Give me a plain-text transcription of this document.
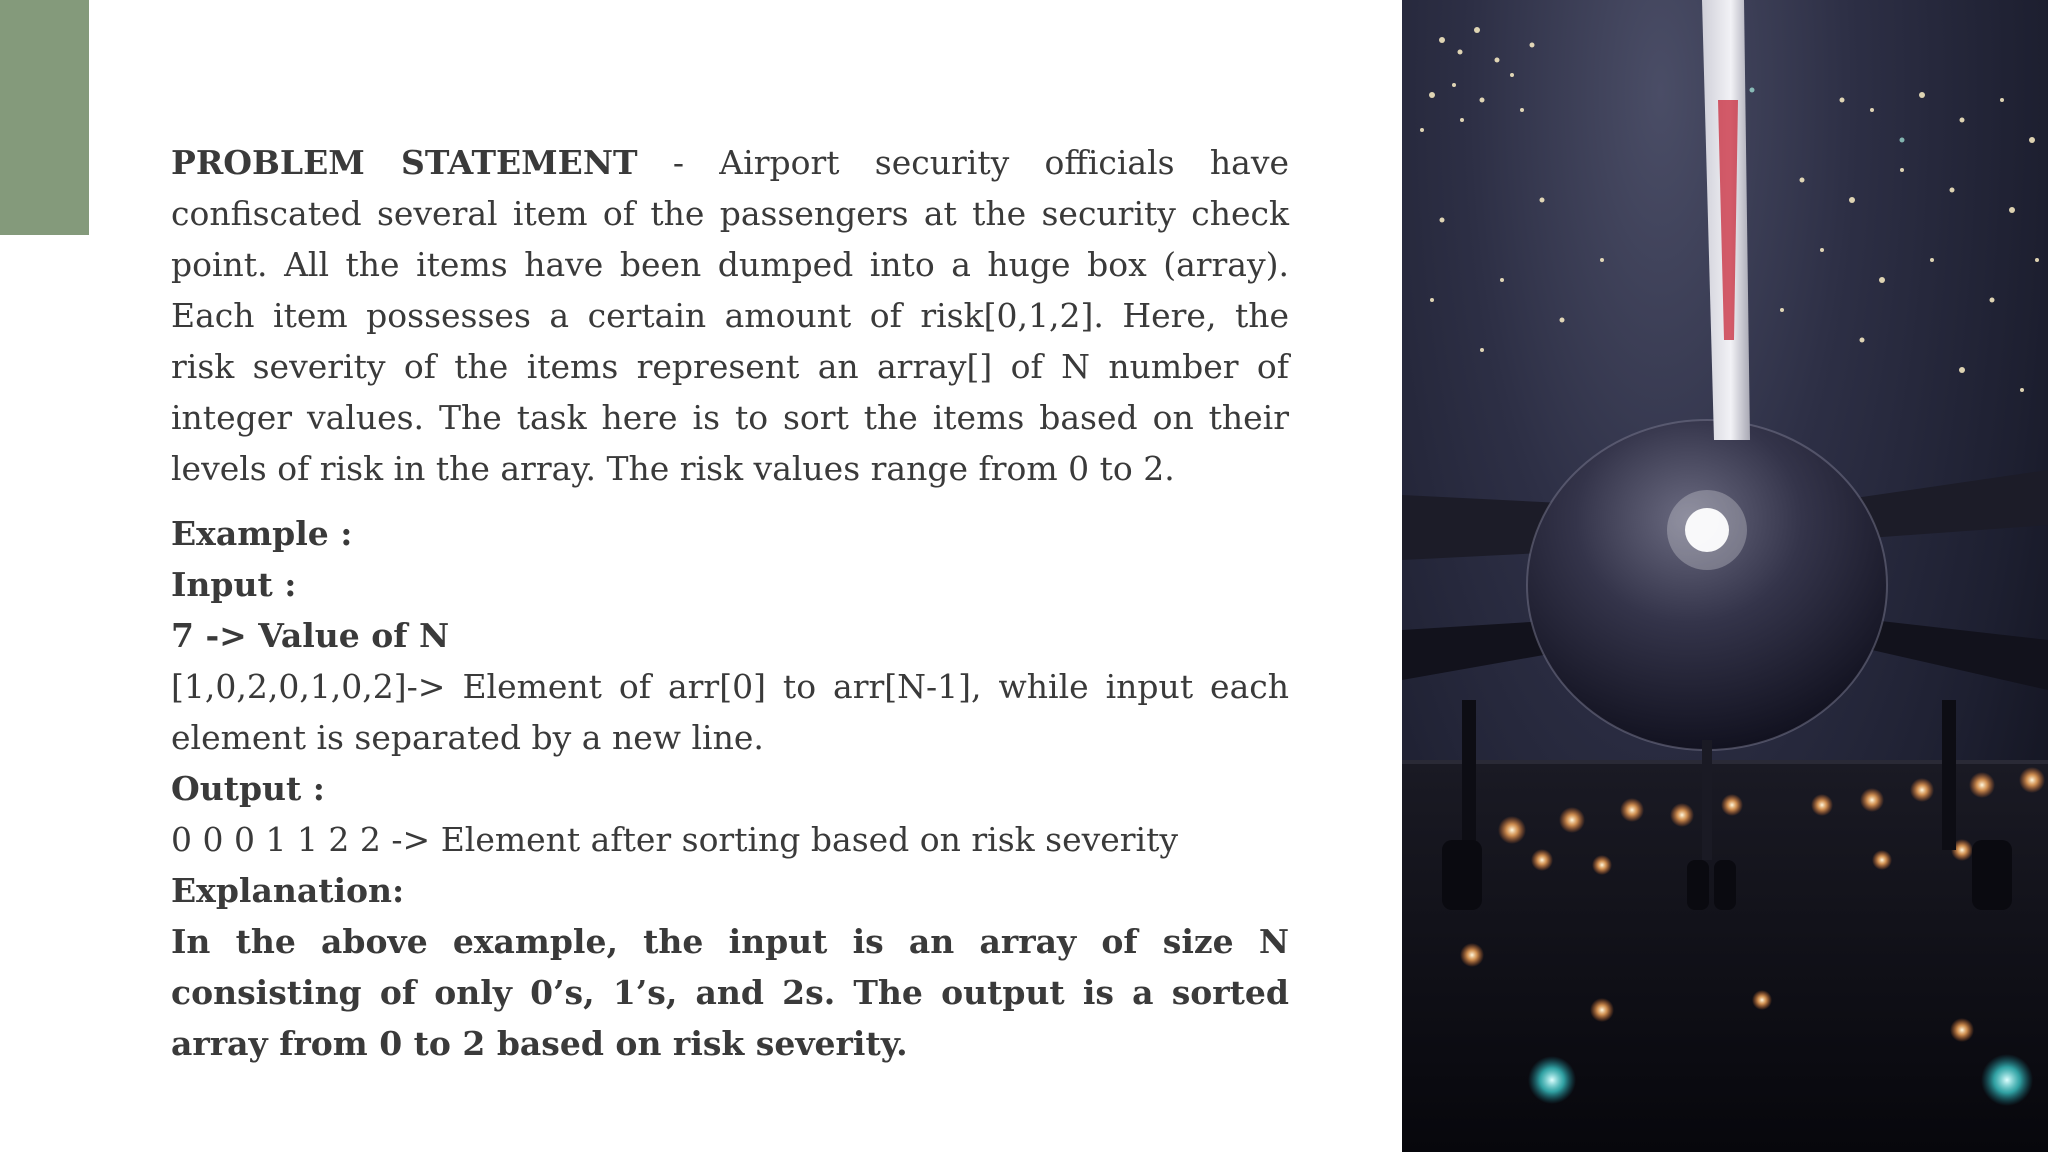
PROBLEM STATEMENT - Airport security officials have confiscated several item of the passengers at the security check point. All the items have been dumped into a huge box (array). Each item possesses a certain amount of risk[0,1,2]. Here, the risk severity of the items represent an array[] of N number of integer values. The task here is to sort the items based on their levels of risk in the array. The risk values range from 0 to 2.

Example :

Input :

7 -> Value of N

[1,0,2,0,1,0,2]-> Element of arr[0] to arr[N-1], while input each element is separated by a new line.

Output :

0 0 0 1 1 2 2 -> Element after sorting based on risk severity

Explanation:

In the above example, the input is an array of size N consisting of only 0’s, 1’s, and 2s. The output is a sorted array from 0 to 2 based on risk severity.
